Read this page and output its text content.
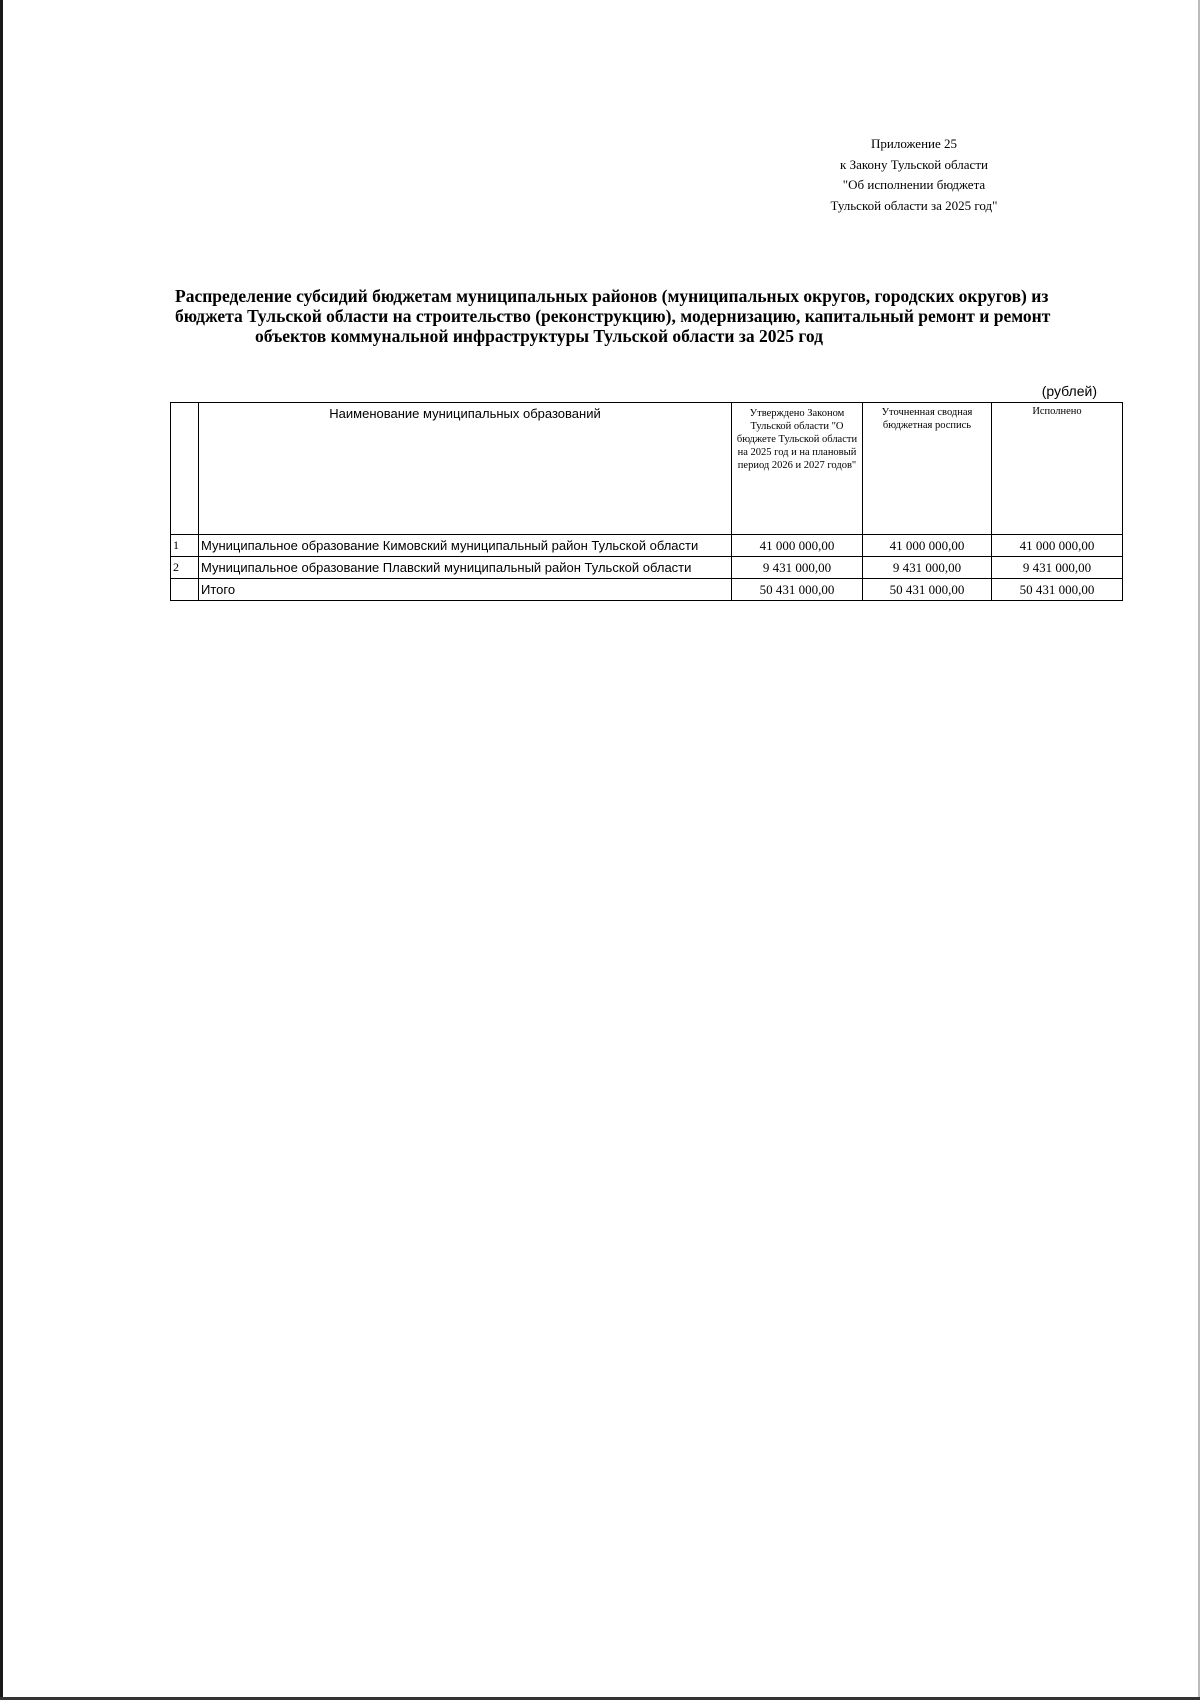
Приложение 25
к Закону Тульской области
"Об исполнении бюджета
Тульской области за 2025 год"
Распределение субсидий бюджетам муниципальных районов (муниципальных округов, городских округов) из
бюджета Тульской области на строительство (реконструкцию), модернизацию, капитальный ремонт и ремонт
объектов коммунальной инфраструктуры Тульской области за 2025 год
(рублей)
	Наименование муниципальных образований	Утверждено Законом Тульской области "О бюджете Тульской области на 2025 год и на плановый период 2026 и 2027 годов"	Уточненная сводная бюджетная роспись	Исполнено
1	Муниципальное образование Кимовский муниципальный район Тульской области	41 000 000,00	41 000 000,00	41 000 000,00
2	Муниципальное образование Плавский муниципальный район Тульской области	9 431 000,00	9 431 000,00	9 431 000,00
	Итого	50 431 000,00	50 431 000,00	50 431 000,00
